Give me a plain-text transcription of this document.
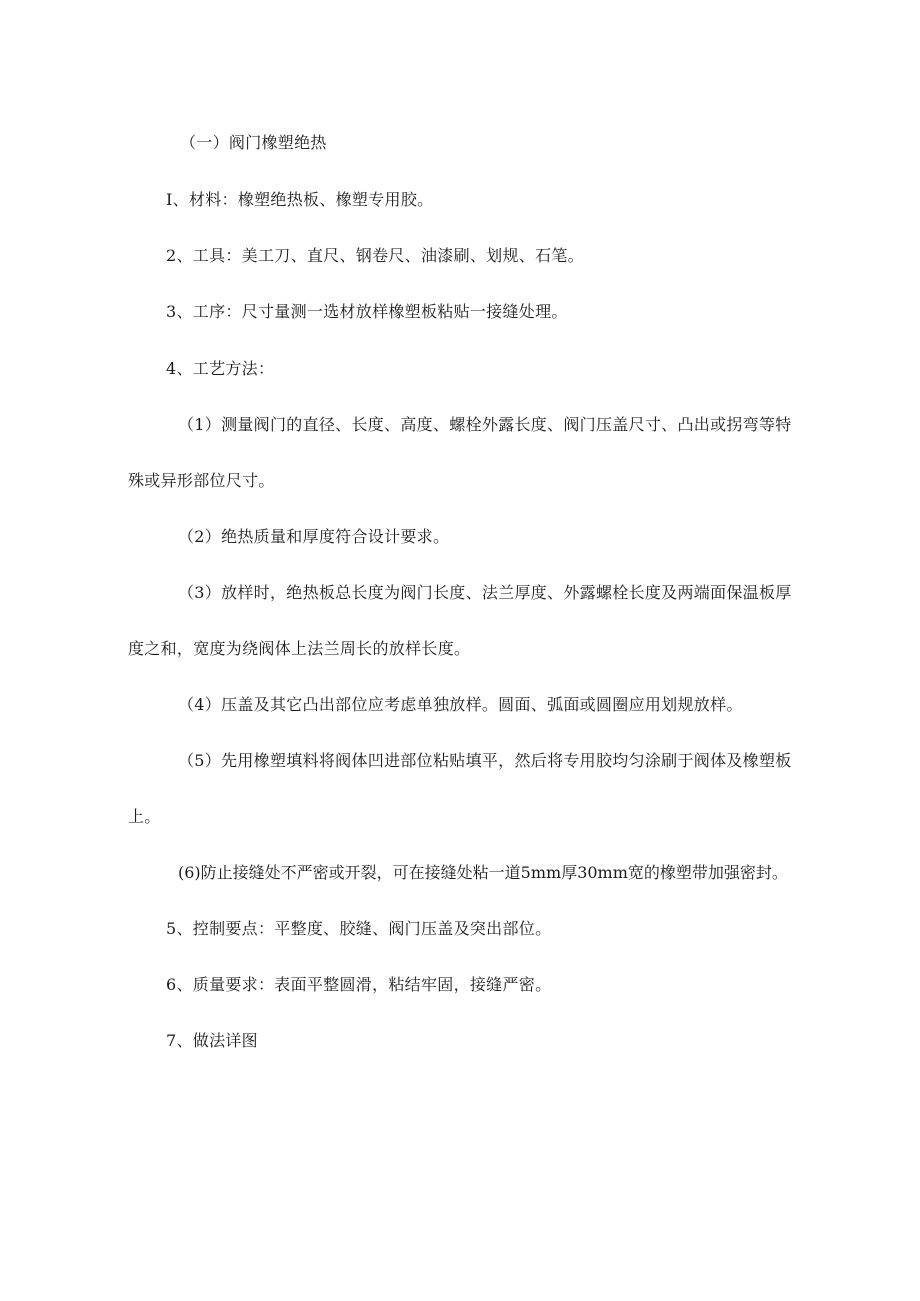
（一）阀门橡塑绝热
I、材料：橡塑绝热板、橡塑专用胶。
2、工具：美工刀、直尺、钢卷尺、油漆刷、划规、石笔。
3、工序：尺寸量测一选材放样橡塑板粘贴一接缝处理。
4、工艺方法：
（1）测量阀门的直径、长度、高度、螺栓外露长度、阀门压盖尺寸、凸出或拐弯等特
殊或异形部位尺寸。
（2）绝热质量和厚度符合设计要求。
（3）放样时，绝热板总长度为阀门长度、法兰厚度、外露螺栓长度及两端面保温板厚
度之和，宽度为绕阀体上法兰周长的放样长度。
（4）压盖及其它凸出部位应考虑单独放样。圆面、弧面或圆圈应用划规放样。
（5）先用橡塑填料将阀体凹进部位粘贴填平，然后将专用胶均匀涂刷于阀体及橡塑板
上。
(6)防止接缝处不严密或开裂，可在接缝处粘一道5mm厚30mm宽的橡塑带加强密封。
5、控制要点：平整度、胶缝、阀门压盖及突出部位。
6、质量要求：表面平整圆滑，粘结牢固，接缝严密。
7、做法详图
